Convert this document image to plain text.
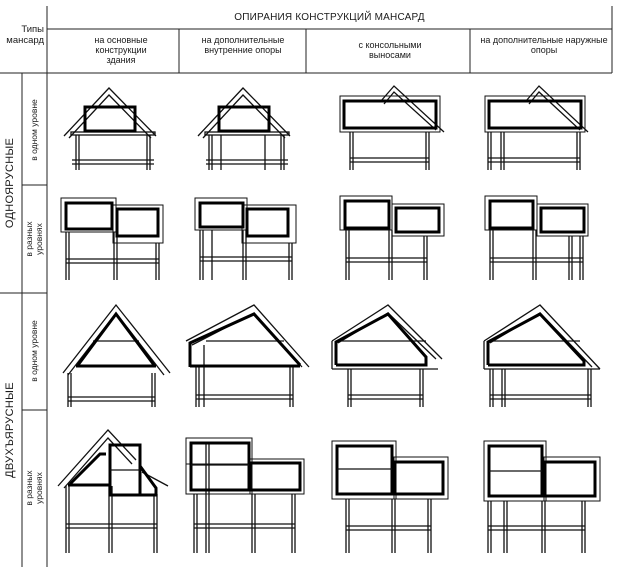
Типы мансард
ОПИРАНИЯ КОНСТРУКЦИЙ МАНСАРД
на основные конструкции здания
на дополнительные внутренние опоры	с консольными выносами
на дополнительные наружные опоры
ОДНОЯРУСНЫЕ
ДВУХЪЯРУСНЫЕ
в одном уровне
в разных уровнях
в одном уровне
в разных уровнях
